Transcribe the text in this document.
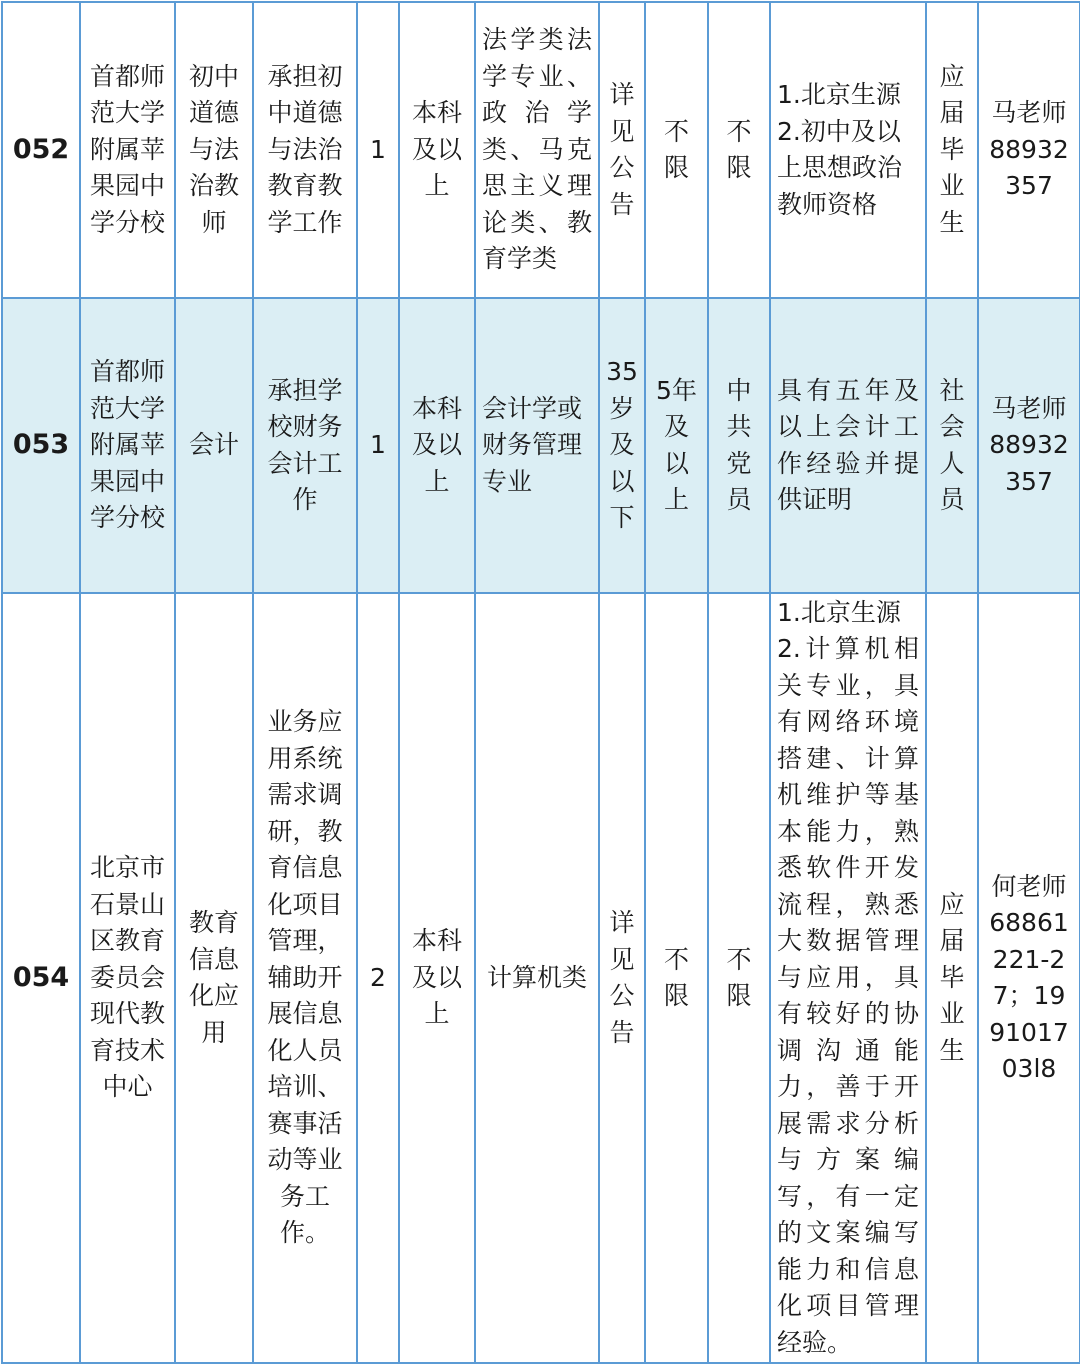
052	首都师范大学附属苹果园中学分校	初中道德与法治教师	承担初中道德与法治教育教学工作	1	本科及以上	法学类法学专业、政治学类、马克思主义理论类、教育学类	详见公告	不限	不限	1.北京生源
2.初中及以上思想政治教师资格	应届毕业生	马老师88932357
053	首都师范大学附属苹果园中学分校	会计	承担学校财务会计工作	1	本科及以上	会计学或财务管理专业	35岁及以下	5年及以上	中共党员	具有五年及以上会计工作经验并提供证明	社会人员	马老师88932357
054	北京市石景山区教育委员会现代教育技术中心	教育信息化应用	业务应用系统需求调研，教育信息化项目管理，辅助开展信息化人员培训、赛事活动等业务工作。	2	本科及以上	计算机类	详见公告	不限	不限	1.北京生源
2.计算机相关专业，具有网络环境搭建、计算机维护等基本能力，熟悉软件开发流程，熟悉大数据管理与应用，具有较好的协调沟通能力，善于开展需求分析与方案编写，有一定的文案编写能力和信息化项目管理经验。	应届毕业生	何老师68861221-27；199101703l8
